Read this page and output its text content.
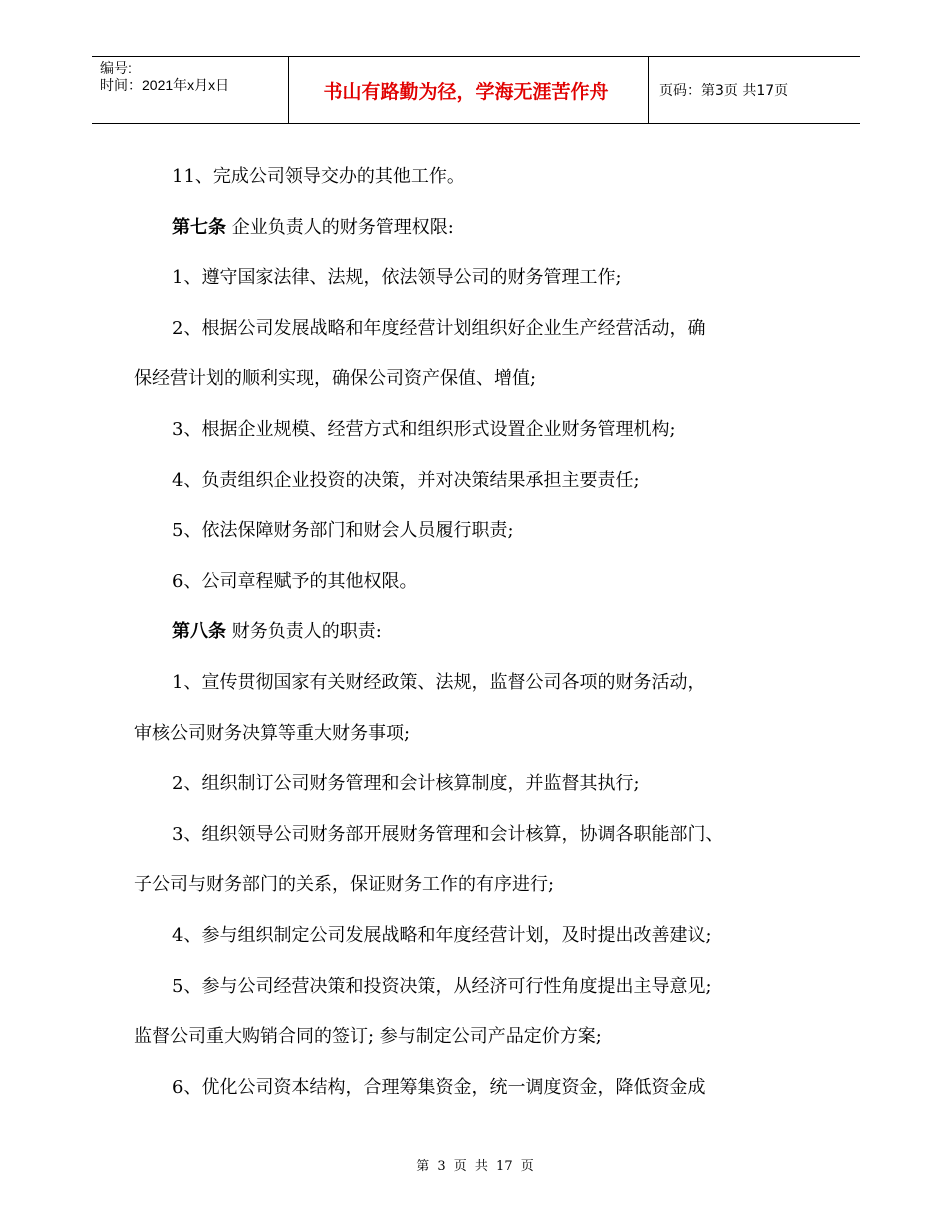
编号:
时间：2021年x月x日	书山有路勤为径，学海无涯苦作舟	页码：第3页 共17页

11、完成公司领导交办的其他工作。

第七条 企业负责人的财务管理权限:

1、遵守国家法律、法规，依法领导公司的财务管理工作;

2、根据公司发展战略和年度经营计划组织好企业生产经营活动，确

保经营计划的顺利实现，确保公司资产保值、增值;

3、根据企业规模、经营方式和组织形式设置企业财务管理机构;

4、负责组织企业投资的决策，并对决策结果承担主要责任;

5、依法保障财务部门和财会人员履行职责;

6、公司章程赋予的其他权限。

第八条 财务负责人的职责:

1、宣传贯彻国家有关财经政策、法规，监督公司各项的财务活动，

审核公司财务决算等重大财务事项;

2、组织制订公司财务管理和会计核算制度，并监督其执行;

3、组织领导公司财务部开展财务管理和会计核算，协调各职能部门、

子公司与财务部门的关系，保证财务工作的有序进行;

4、参与组织制定公司发展战略和年度经营计划，及时提出改善建议;

5、参与公司经营决策和投资决策，从经济可行性角度提出主导意见;

监督公司重大购销合同的签订; 参与制定公司产品定价方案;

6、优化公司资本结构，合理筹集资金，统一调度资金，降低资金成

第 3 页 共 17 页
